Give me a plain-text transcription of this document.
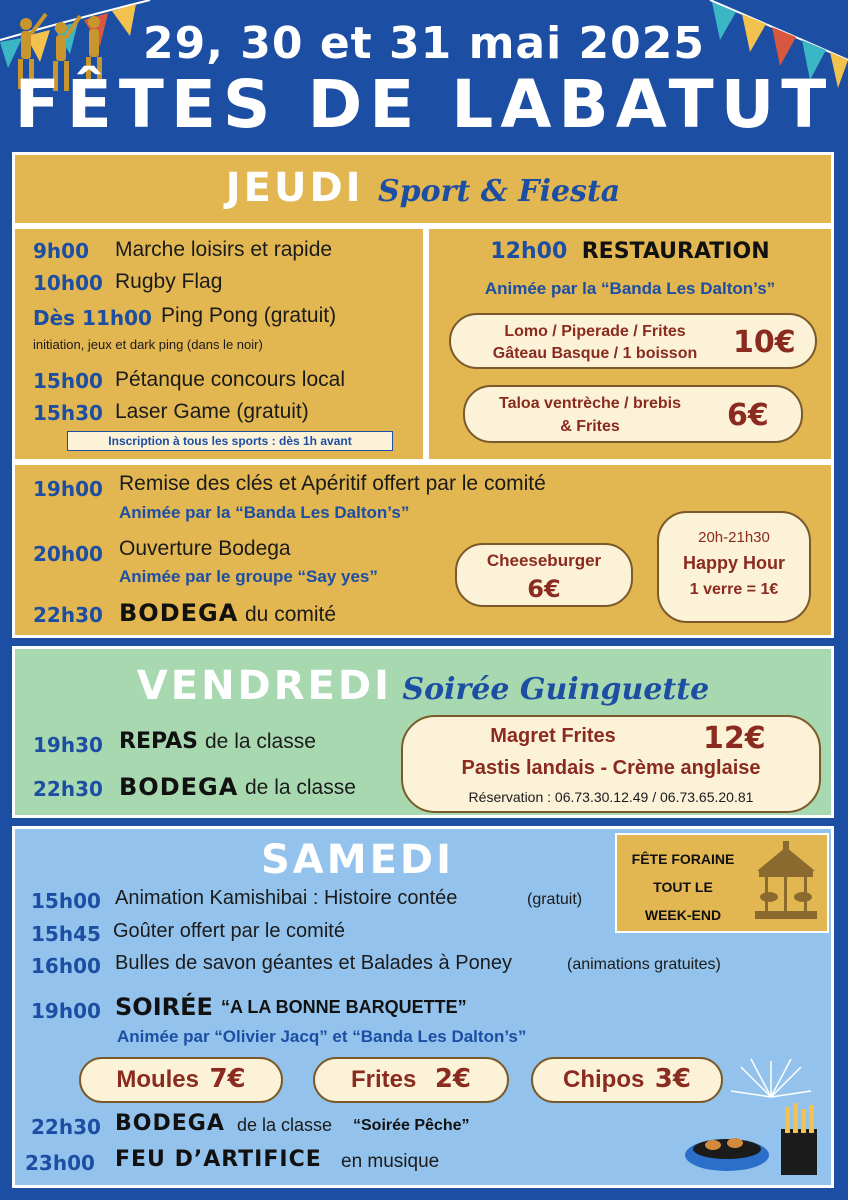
29, 30 et 31 mai 2025
FÊTES DE LABATUT
JEUDI Sport & Fiesta
9h00 Marche loisirs et rapide
10h00 Rugby Flag
Dès 11h00 Ping Pong (gratuit)
initiation, jeux et dark ping (dans le noir)
15h00 Pétanque concours local
15h30 Laser Game (gratuit)
Inscription à tous les sports : dès 1h avant
12h00 RESTAURATION
Animée par la “Banda Les Dalton’s”
Lomo / Piperade / Frites
Gâteau Basque / 1 boisson	10€
Taloa ventrèche / brebis
& Frites	6€
19h00 Remise des clés et Apéritif offert par le comité
Animée par la “Banda Les Dalton’s”
20h00 Ouverture Bodega
Animée par le groupe “Say yes”
22h30 BODEGA du comité
Cheeseburger
6€
20h-21h30
Happy Hour
1 verre = 1€
VENDREDI Soirée Guinguette
19h30 REPAS de la classe
22h30 BODEGA de la classe
Magret Frites	12€
Pastis landais - Crème anglaise
Réservation : 06.73.30.12.49 / 06.73.65.20.81
SAMEDI	FÊTE FORAINE
TOUT LE
WEEK-END
15h00 Animation Kamishibai : Histoire contée	(gratuit)
15h45 Goûter offert par le comité
16h00 Bulles de savon géantes et Balades à Poney	(animations gratuites)
19h00 SOIRÉE “A LA BONNE BARQUETTE”
Animée par “Olivier Jacq” et “Banda Les Dalton’s”
Moules 7€	Frites 2€	Chipos 3€
22h30 BODEGA de la classe “Soirée Pêche”
23h00 FEU D’ARTIFICE en musique
